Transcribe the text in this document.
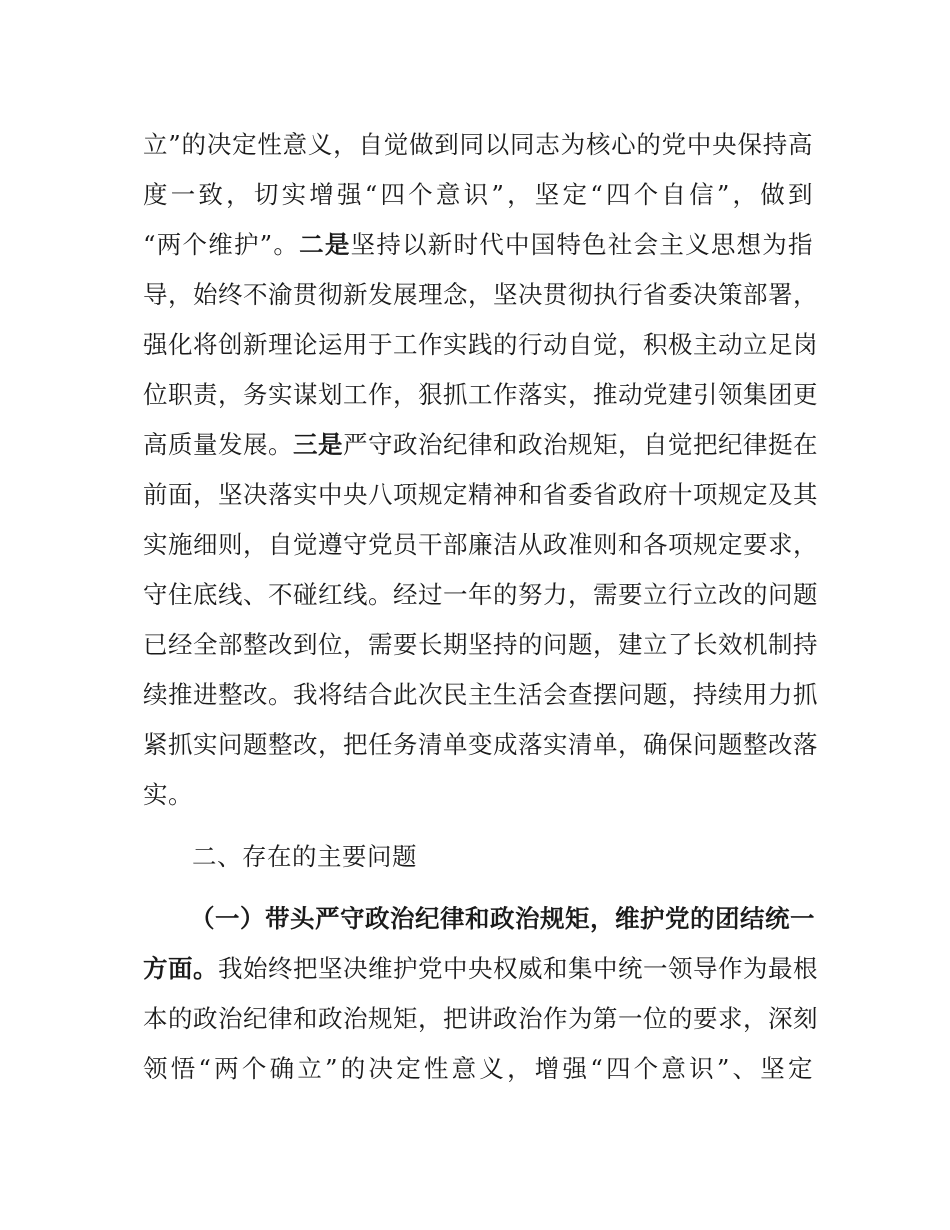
立”的决定性意义，自觉做到同以同志为核心的党中央保持高
度一致，切实增强“四个意识”，坚定“四个自信”，做到
“两个维护”。二是坚持以新时代中国特色社会主义思想为指
导，始终不渝贯彻新发展理念，坚决贯彻执行省委决策部署，
强化将创新理论运用于工作实践的行动自觉，积极主动立足岗
位职责，务实谋划工作，狠抓工作落实，推动党建引领集团更
高质量发展。三是严守政治纪律和政治规矩，自觉把纪律挺在
前面，坚决落实中央八项规定精神和省委省政府十项规定及其
实施细则，自觉遵守党员干部廉洁从政准则和各项规定要求，
守住底线、不碰红线。经过一年的努力，需要立行立改的问题
已经全部整改到位，需要长期坚持的问题，建立了长效机制持
续推进整改。我将结合此次民主生活会查摆问题，持续用力抓
紧抓实问题整改，把任务清单变成落实清单，确保问题整改落
实。
二、存在的主要问题
（一）带头严守政治纪律和政治规矩，维护党的团结统一
方面。我始终把坚决维护党中央权威和集中统一领导作为最根
本的政治纪律和政治规矩，把讲政治作为第一位的要求，深刻
领悟“两个确立”的决定性意义，增强“四个意识”、坚定
